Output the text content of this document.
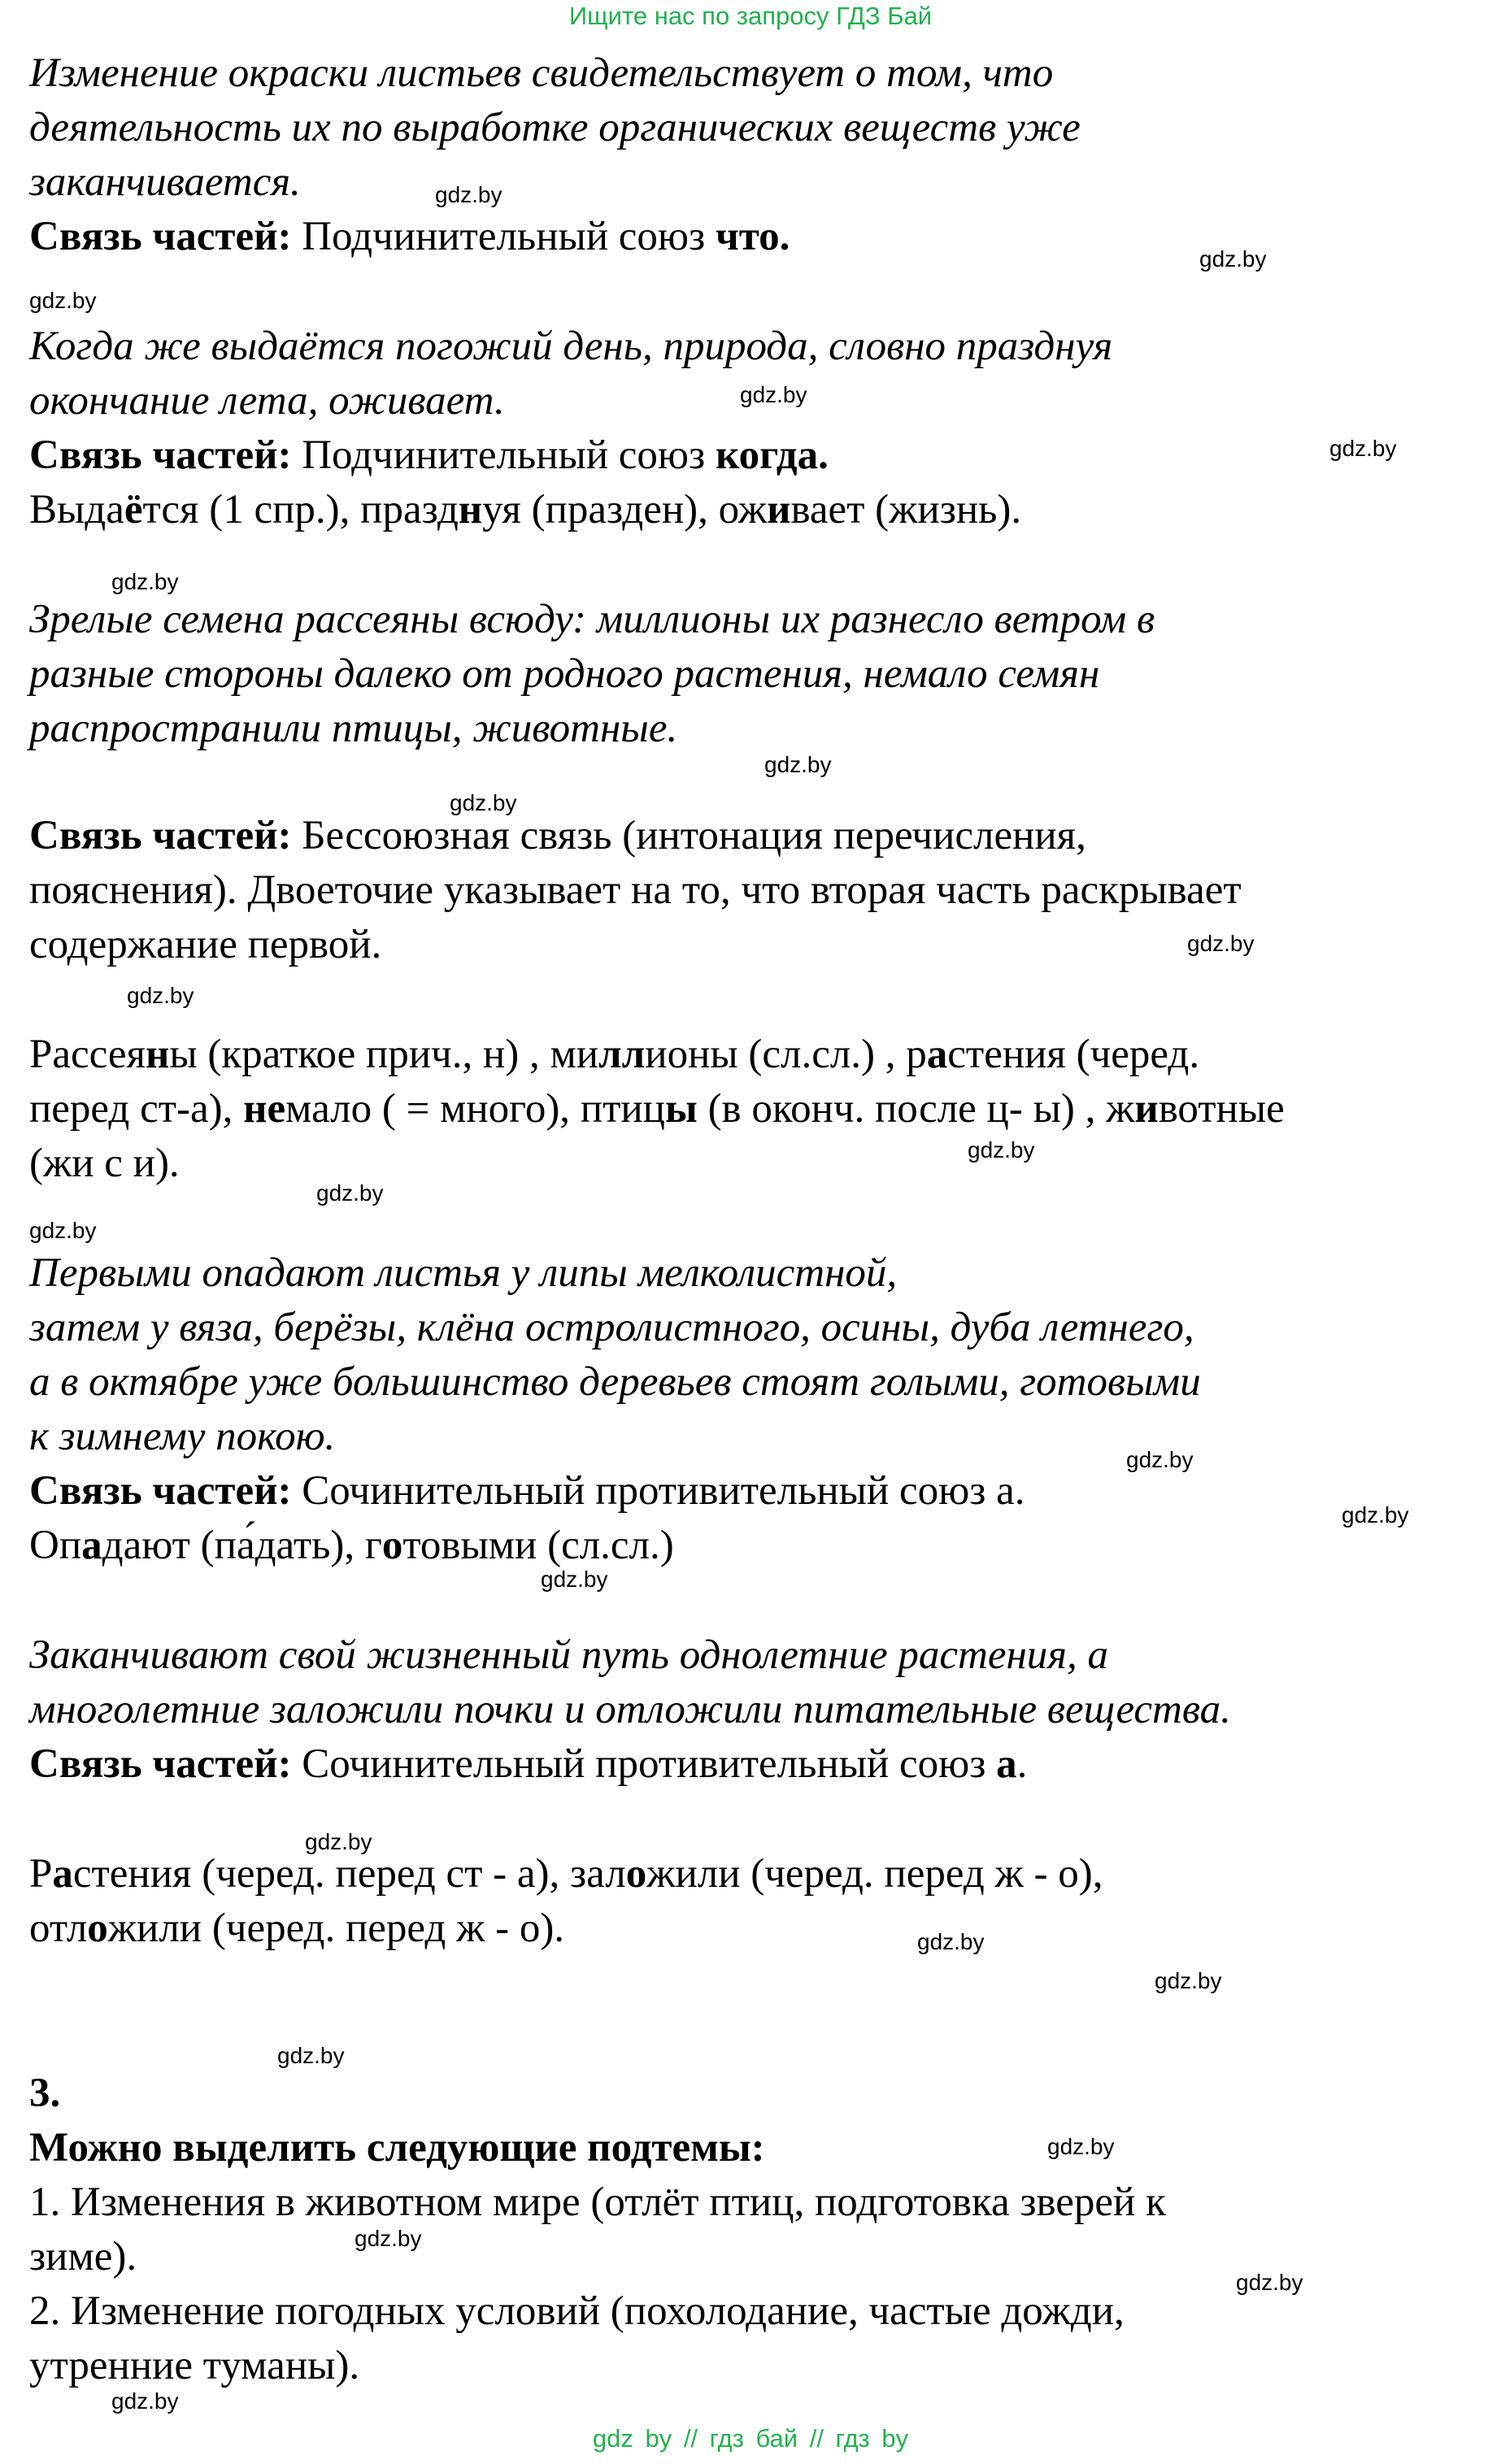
Ищите нас по запросу ГДЗ Бай
Изменение окраски листьев свидетельствует о том, что
деятельность их по выработке органических веществ уже
заканчивается.
Связь частей: Подчинительный союз что.
Когда же выдаётся погожий день, природа, словно празднуя
окончание лета, оживает.
Связь частей: Подчинительный союз когда.
Выдаётся (1 спр.), празднуя (празден), оживает (жизнь).
Зрелые семена рассеяны всюду: миллионы их разнесло ветром в
разные стороны далеко от родного растения, немало семян
распространили птицы, животные.
Связь частей: Бессоюзная связь (интонация перечисления,
пояснения). Двоеточие указывает на то, что вторая часть раскрывает
содержание первой.
Рассеяны (краткое прич., н) , миллионы (сл.сл.) , растения (черед.
перед ст-а), немало ( = много), птицы (в оконч. после ц- ы) , животные
(жи с и).
Первыми опадают листья у липы мелколистной,
затем у вяза, берёзы, клёна остролистного, осины, дуба летнего,
а в октябре уже большинство деревьев стоят голыми, готовыми
к зимнему покою.
Связь частей: Сочинительный противительный союз а.
Опадают (па́дать), готовыми (сл.сл.)
Заканчивают свой жизненный путь однолетние растения, а
многолетние заложили почки и отложили питательные вещества.
Связь частей: Сочинительный противительный союз а.
Растения (черед. перед ст - а), заложили (черед. перед ж - о),
отложили (черед. перед ж - о).
3.
Можно выделить следующие подтемы:
1. Изменения в животном мире (отлёт птиц, подготовка зверей к
зиме).
2. Изменение погодных условий (похолодание, частые дожди,
утренние туманы).
gdz.by
gdz.by
gdz.by
gdz.by
gdz.by
gdz.by
gdz.by
gdz.by
gdz.by
gdz.by
gdz.by
gdz.by
gdz.by
gdz.by
gdz.by
gdz.by
gdz.by
gdz.by
gdz.by
gdz.by
gdz.by
gdz.by
gdz.by
gdz.by
gdz by // гдз бай // гдз by
